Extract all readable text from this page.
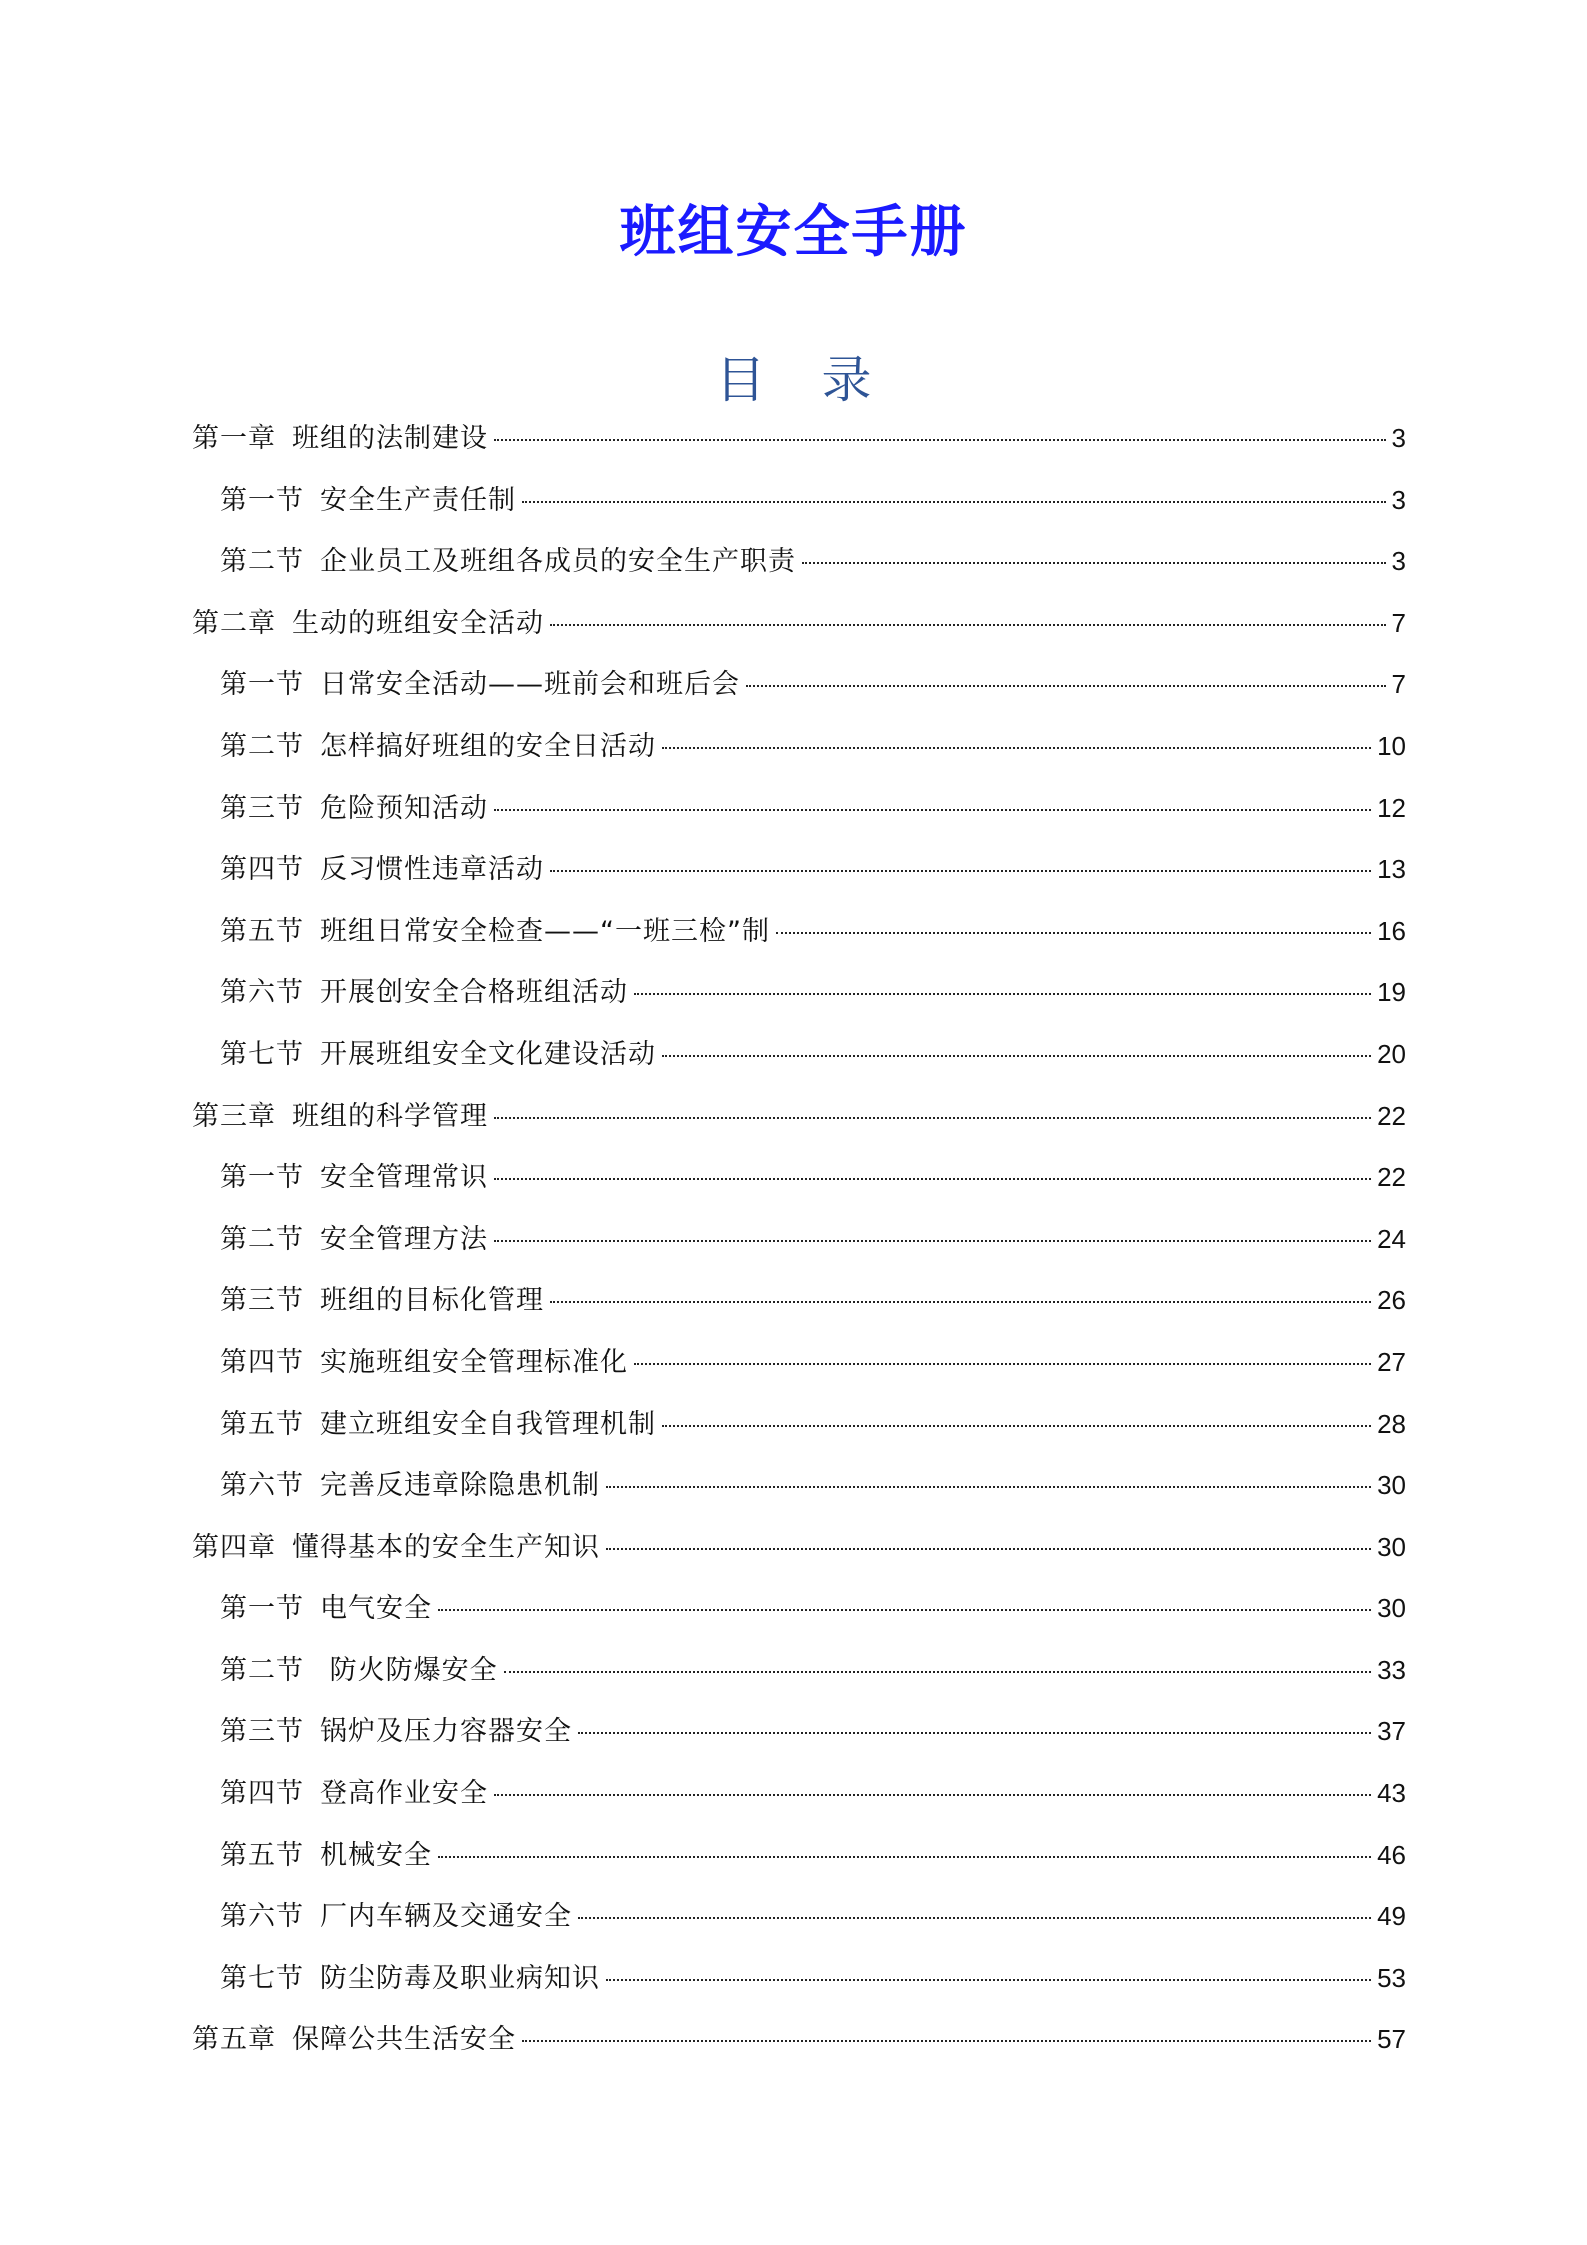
班组安全手册
目 录
第一章 班组的法制建设	3
第一节 安全生产责任制	3
第二节 企业员工及班组各成员的安全生产职责	3
第二章 生动的班组安全活动	7
第一节 日常安全活动——班前会和班后会	7
第二节 怎样搞好班组的安全日活动	10
第三节 危险预知活动	12
第四节 反习惯性违章活动	13
第五节 班组日常安全检查——“一班三检”制	16
第六节 开展创安全合格班组活动	19
第七节 开展班组安全文化建设活动	20
第三章 班组的科学管理	22
第一节 安全管理常识	22
第二节 安全管理方法	24
第三节 班组的目标化管理	26
第四节 实施班组安全管理标准化	27
第五节 建立班组安全自我管理机制	28
第六节 完善反违章除隐患机制	30
第四章 懂得基本的安全生产知识	30
第一节 电气安全	30
第二节 防火防爆安全	33
第三节 锅炉及压力容器安全	37
第四节 登高作业安全	43
第五节 机械安全	46
第六节 厂内车辆及交通安全	49
第七节 防尘防毒及职业病知识	53
第五章 保障公共生活安全	57
